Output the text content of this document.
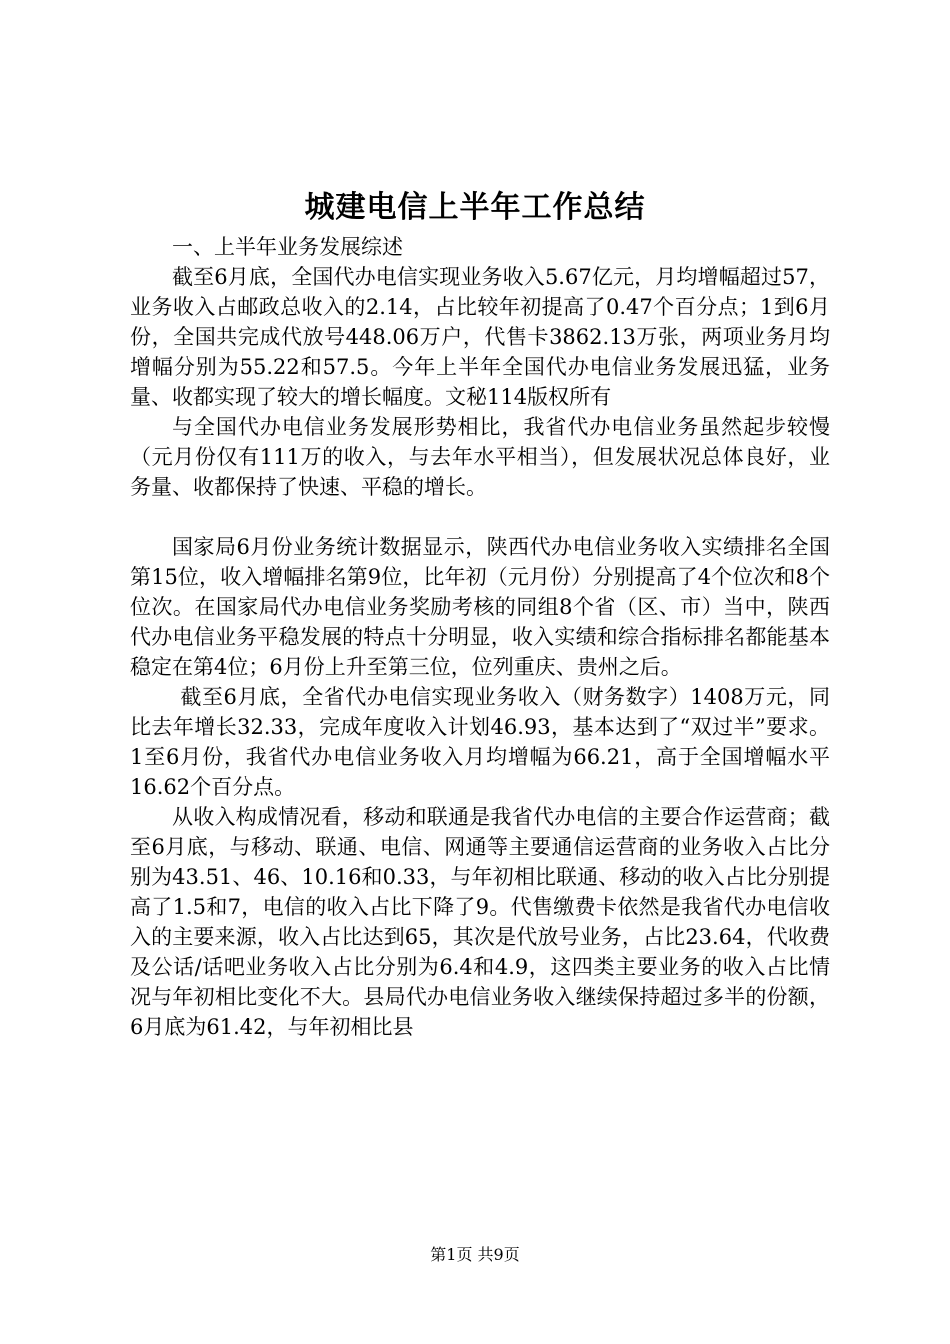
城建电信上半年工作总结

一、上半年业务发展综述

截至6月底，全国代办电信实现业务收入5.67亿元，月均增幅超过57，业务收入占邮政总收入的2.14，占比较年初提高了0.47个百分点；1到6月份，全国共完成代放号448.06万户，代售卡3862.13万张，两项业务月均增幅分别为55.22和57.5。今年上半年全国代办电信业务发展迅猛，业务量、收都实现了较大的增长幅度。文秘114版权所有

与全国代办电信业务发展形势相比，我省代办电信业务虽然起步较慢（元月份仅有111万的收入，与去年水平相当），但发展状况总体良好，业务量、收都保持了快速、平稳的增长。

国家局6月份业务统计数据显示，陕西代办电信业务收入实绩排名全国第15位，收入增幅排名第9位，比年初（元月份）分别提高了4个位次和8个位次。在国家局代办电信业务奖励考核的同组8个省（区、市）当中，陕西代办电信业务平稳发展的特点十分明显，收入实绩和综合指标排名都能基本稳定在第4位；6月份上升至第三位，位列重庆、贵州之后。

截至6月底，全省代办电信实现业务收入（财务数字）1408万元，同比去年增长32.33，完成年度收入计划46.93，基本达到了“双过半”要求。1至6月份，我省代办电信业务收入月均增幅为66.21，高于全国增幅水平16.62个百分点。

从收入构成情况看，移动和联通是我省代办电信的主要合作运营商；截至6月底，与移动、联通、电信、网通等主要通信运营商的业务收入占比分别为43.51、46、10.16和0.33，与年初相比联通、移动的收入占比分别提高了1.5和7，电信的收入占比下降了9。代售缴费卡依然是我省代办电信收入的主要来源，收入占比达到65，其次是代放号业务，占比23.64，代收费及公话/话吧业务收入占比分别为6.4和4.9，这四类主要业务的收入占比情况与年初相比变化不大。县局代办电信业务收入继续保持超过多半的份额，6月底为61.42，与年初相比县

第1页 共9页
